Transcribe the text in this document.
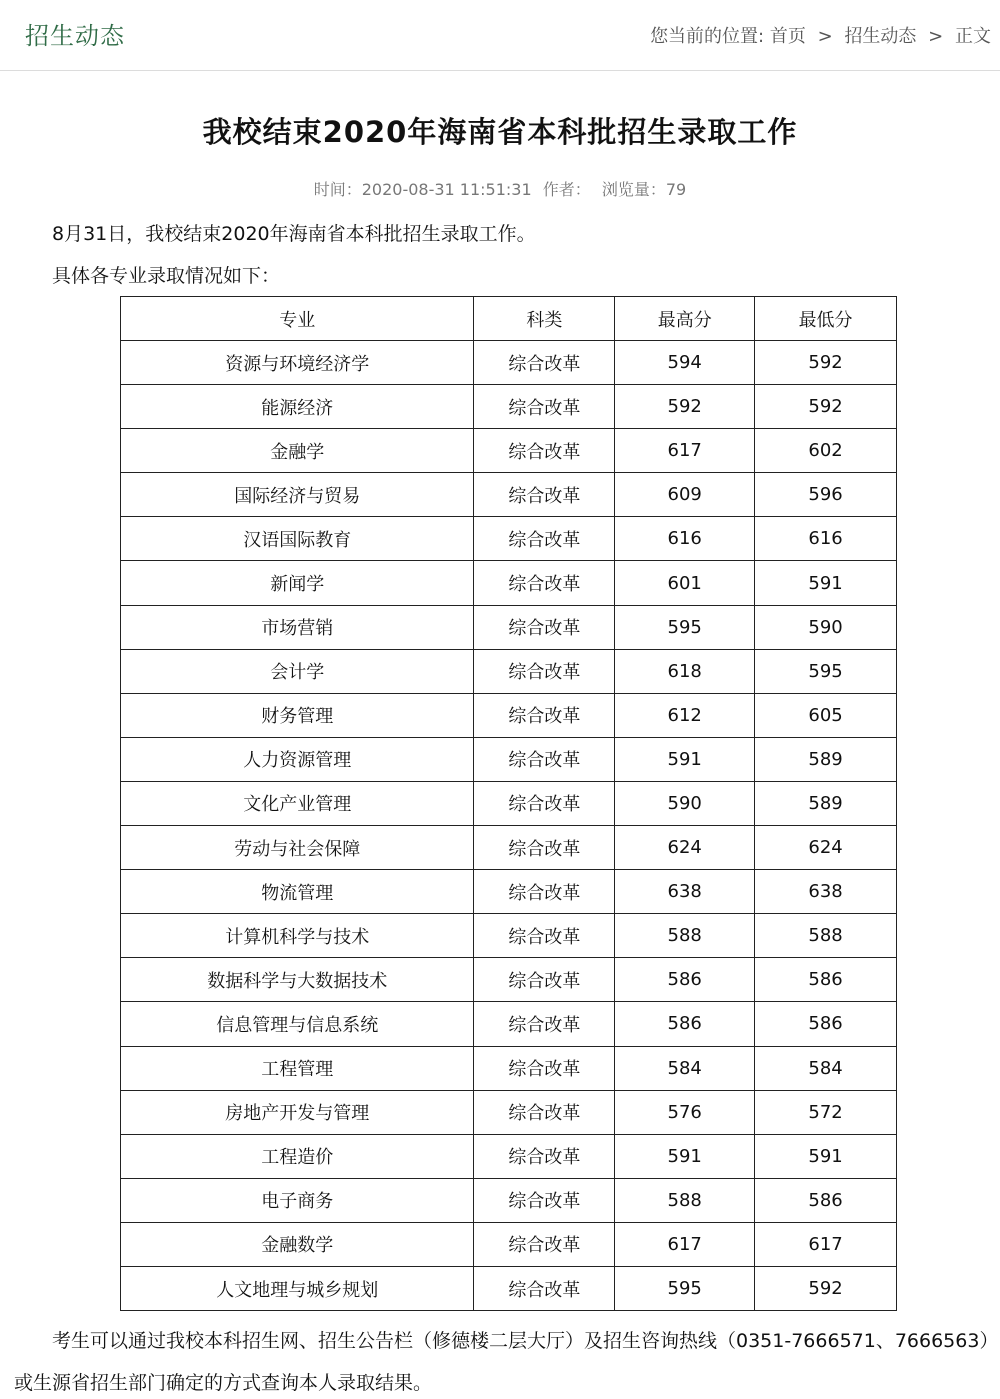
招生动态	您当前的位置: 首页 > 招生动态 > 正文
我校结束2020年海南省本科批招生录取工作
时间：2020-08-31 11:51:31 作者： 浏览量：79

8月31日，我校结束2020年海南省本科批招生录取工作。

具体各专业录取情况如下：

专业	科类	最高分	最低分
资源与环境经济学	综合改革	594	592
能源经济	综合改革	592	592
金融学	综合改革	617	602
国际经济与贸易	综合改革	609	596
汉语国际教育	综合改革	616	616
新闻学	综合改革	601	591
市场营销	综合改革	595	590
会计学	综合改革	618	595
财务管理	综合改革	612	605
人力资源管理	综合改革	591	589
文化产业管理	综合改革	590	589
劳动与社会保障	综合改革	624	624
物流管理	综合改革	638	638
计算机科学与技术	综合改革	588	588
数据科学与大数据技术	综合改革	586	586
信息管理与信息系统	综合改革	586	586
工程管理	综合改革	584	584
房地产开发与管理	综合改革	576	572
工程造价	综合改革	591	591
电子商务	综合改革	588	586
金融数学	综合改革	617	617
人文地理与城乡规划	综合改革	595	592

考生可以通过我校本科招生网、招生公告栏（修德楼二层大厅）及招生咨询热线（0351-7666571、7666563）或生源省招生部门确定的方式查询本人录取结果。
